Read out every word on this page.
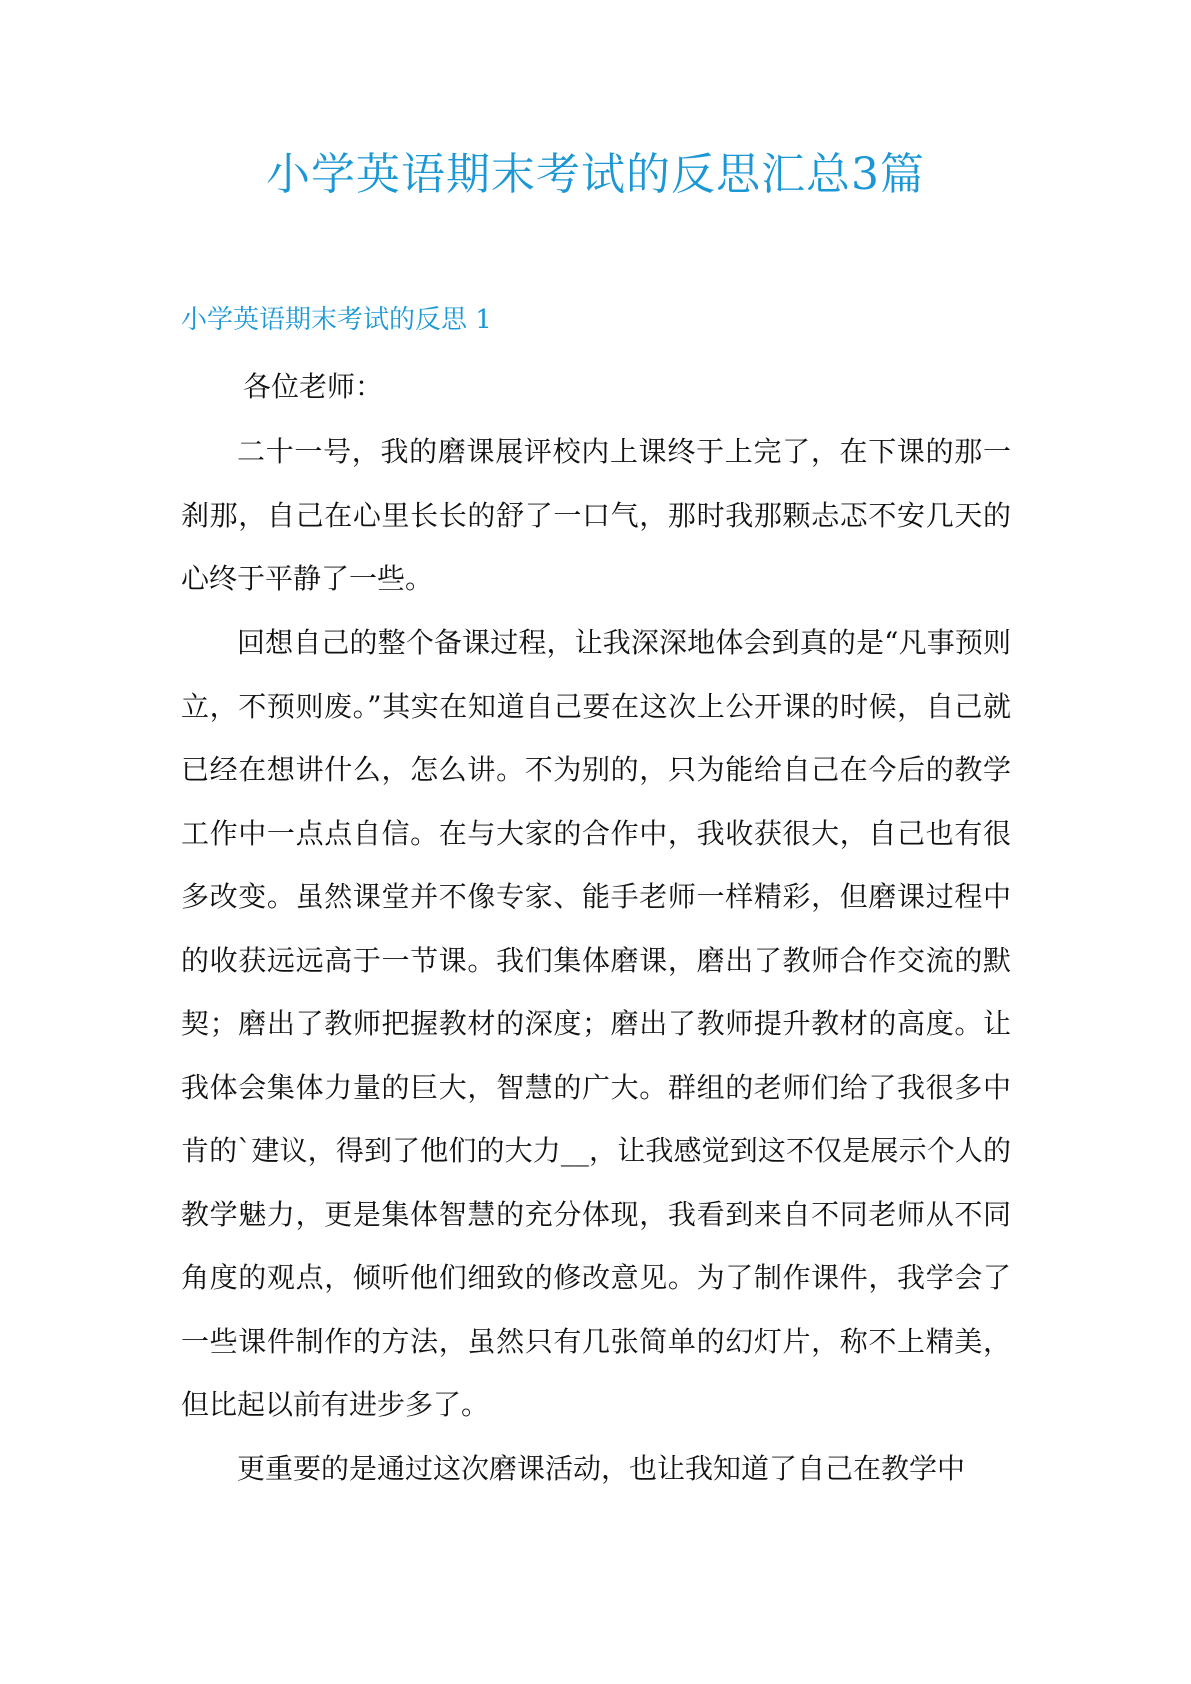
小学英语期末考试的反思汇总3篇
小学英语期末考试的反思 1
各位老师：

二十一号，我的磨课展评校内上课终于上完了，在下课的那一刹那，自己在心里长长的舒了一口气，那时我那颗忐忑不安几天的心终于平静了一些。

回想自己的整个备课过程，让我深深地体会到真的是“凡事预则立，不预则废。”其实在知道自己要在这次上公开课的时候，自己就已经在想讲什么，怎么讲。不为别的，只为能给自己在今后的教学工作中一点点自信。在与大家的合作中，我收获很大，自己也有很多改变。虽然课堂并不像专家、能手老师一样精彩，但磨课过程中的收获远远高于一节课。我们集体磨课，磨出了教师合作交流的默契；磨出了教师把握教材的深度；磨出了教师提升教材的高度。让我体会集体力量的巨大，智慧的广大。群组的老师们给了我很多中肯的`建议，得到了他们的大力__，让我感觉到这不仅是展示个人的教学魅力，更是集体智慧的充分体现，我看到来自不同老师从不同角度的观点，倾听他们细致的修改意见。为了制作课件，我学会了一些课件制作的方法，虽然只有几张简单的幻灯片，称不上精美，但比起以前有进步多了。

更重要的是通过这次磨课活动，也让我知道了自己在教学中
